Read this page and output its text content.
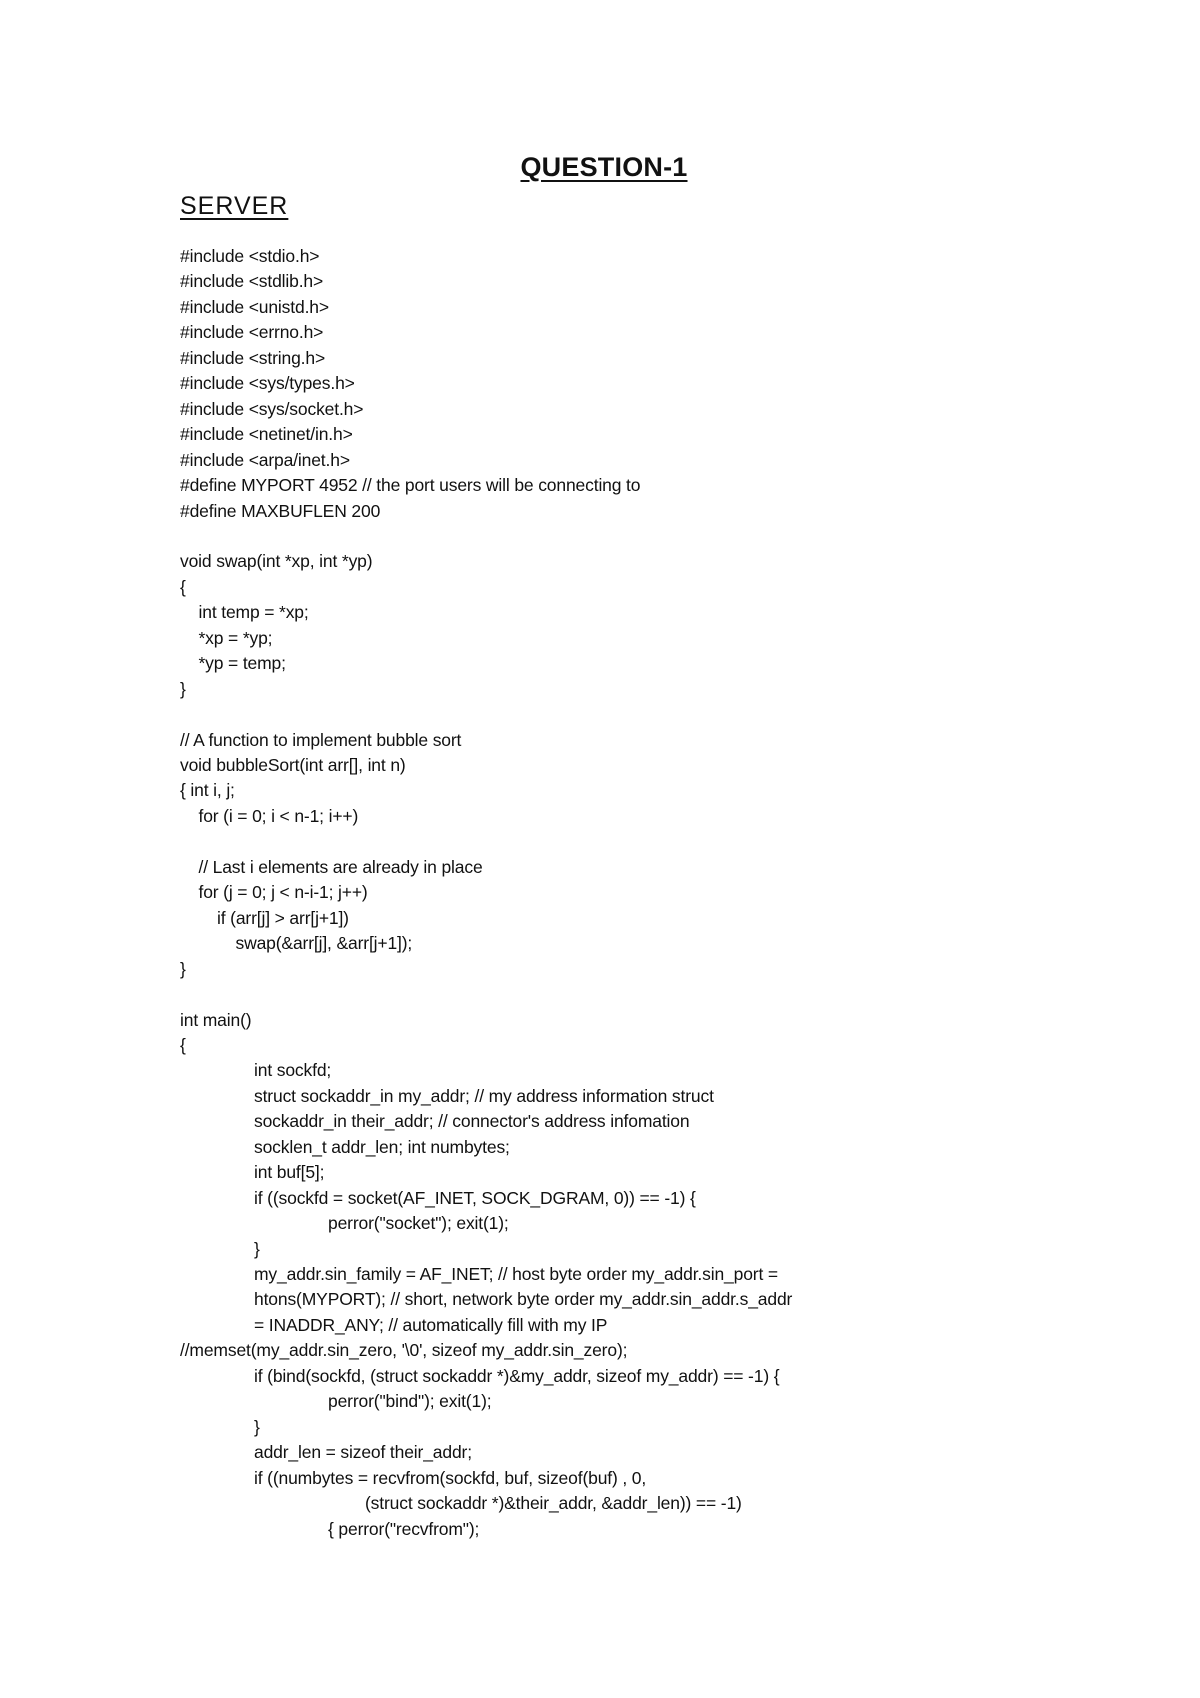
QUESTION-1
SERVER
#include <stdio.h>
#include <stdlib.h>
#include <unistd.h>
#include <errno.h>
#include <string.h>
#include <sys/types.h>
#include <sys/socket.h>
#include <netinet/in.h>
#include <arpa/inet.h>
#define MYPORT 4952 // the port users will be connecting to
#define MAXBUFLEN 200
void swap(int *xp, int *yp)
{
int temp = *xp;
*xp = *yp;
*yp = temp;
}
// A function to implement bubble sort
void bubbleSort(int arr[], int n)
{ int i, j;
for (i = 0; i < n-1; i++)
// Last i elements are already in place
for (j = 0; j < n-i-1; j++)
if (arr[j] > arr[j+1])
swap(&arr[j], &arr[j+1]);
}
int main()
{
int sockfd;
struct sockaddr_in my_addr; // my address information struct
sockaddr_in their_addr; // connector's address infomation
socklen_t addr_len; int numbytes;
int buf[5];
if ((sockfd = socket(AF_INET, SOCK_DGRAM, 0)) == -1) {
perror("socket"); exit(1);
}
my_addr.sin_family = AF_INET; // host byte order my_addr.sin_port =
htons(MYPORT); // short, network byte order my_addr.sin_addr.s_addr
= INADDR_ANY; // automatically fill with my IP
//memset(my_addr.sin_zero, '\0', sizeof my_addr.sin_zero);
if (bind(sockfd, (struct sockaddr *)&my_addr, sizeof my_addr) == -1) {
perror("bind"); exit(1);
}
addr_len = sizeof their_addr;
if ((numbytes = recvfrom(sockfd, buf, sizeof(buf) , 0,
(struct sockaddr *)&their_addr, &addr_len)) == -1)
{ perror("recvfrom");
